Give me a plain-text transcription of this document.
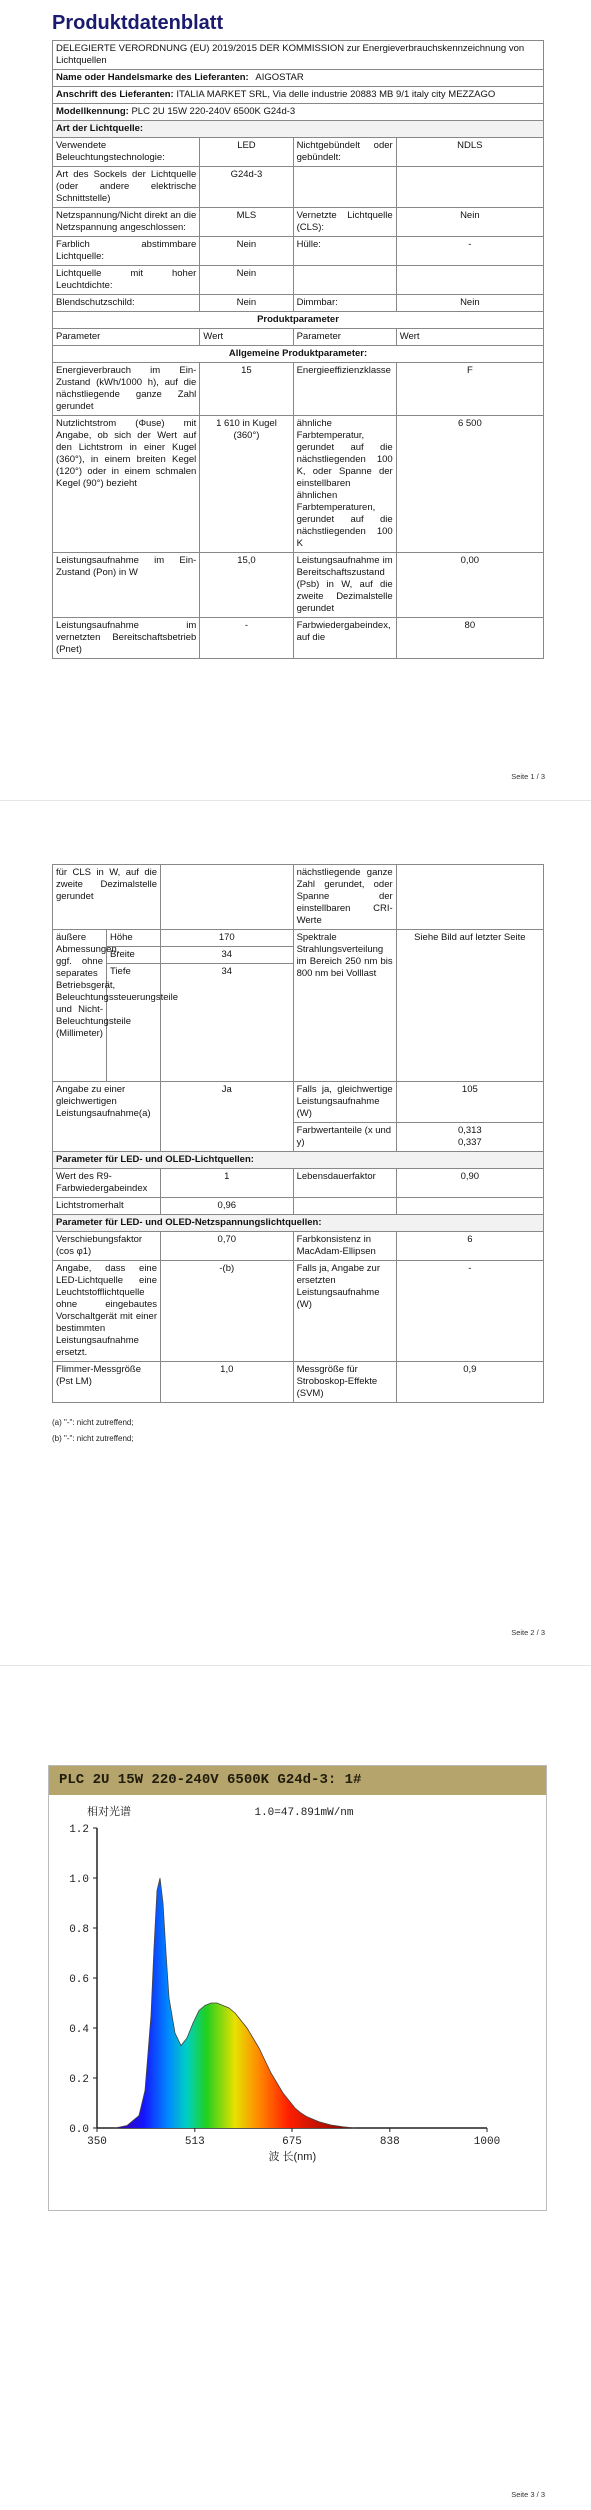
Produktdatenblatt
DELEGIERTE VERORDNUNG (EU) 2019/2015 DER KOMMISSION zur Energieverbrauchskennzeichnung von Lichtquellen			
Name oder Handelsmarke des Lieferanten: AIGOSTAR			
Anschrift des Lieferanten: ITALIA MARKET SRL, Via delle industrie 20883 MB 9/1 italy city MEZZAGO			
Modellkennung: PLC 2U 15W 220-240V 6500K G24d-3			
Art der Lichtquelle:			
Verwendete Beleuchtungstechnologie:	LED	Nichtgebündelt oder gebündelt:	NDLS
Art des Sockels der Lichtquelle (oder andere elektrische Schnittstelle)	G24d-3		
Netzspannung/Nicht direkt an die Netzspannung angeschlossen:	MLS	Vernetzte Lichtquelle (CLS):	Nein
Farblich abstimmbare Lichtquelle:	Nein	Hülle:	-
Lichtquelle mit hoher Leuchtdichte:	Nein		
Blendschutzschild:	Nein	Dimmbar:	Nein
Produktparameter			
Parameter	Wert	Parameter	Wert
Allgemeine Produktparameter:			
Energieverbrauch im Ein-Zustand (kWh/1000 h), auf die nächstliegende ganze Zahl gerundet	15	Energieeffizienzklasse	F
Nutzlichtstrom (Φuse) mit Angabe, ob sich der Wert auf den Lichtstrom in einer Kugel (360°), in einem breiten Kegel (120°) oder in einem schmalen Kegel (90°) bezieht	1 610 in Kugel (360°)	ähnliche Farbtemperatur, gerundet auf die nächstliegenden 100 K, oder Spanne der einstellbaren ähnlichen Farbtemperaturen, gerundet auf die nächstliegenden 100 K	6 500
Leistungsaufnahme im Ein-Zustand (Pon) in W	15,0	Leistungsaufnahme im Bereitschaftszustand (Psb) in W, auf die zweite Dezimalstelle gerundet	0,00
Leistungsaufnahme im vernetzten Bereitschaftsbetrieb (Pnet)	-	Farbwiedergabeindex, auf die	80
Seite 1 / 3
für CLS in W, auf die zweite Dezimalstelle gerundet			nächstliegende ganze Zahl gerundet, oder Spanne der einstellbaren CRI-Werte	
äußere Abmessungen, ggf. ohne separates Betriebsgerät, Beleuchtungssteuerungsteile und Nicht-Beleuchtungsteile (Millimeter)	Höhe	170	Spektrale Strahlungsverteilung im Bereich 250 nm bis 800 nm bei Volllast	Siehe Bild auf letzter Seite
	Breite	34		
	Tiefe	34		
Angabe zu einer gleichwertigen Leistungsaufnahme(a)		Ja	Falls ja, gleichwertige Leistungsaufnahme (W)	105
			Farbwertanteile (x und y)	0,313
0,337

Parameter für LED- und OLED-Lichtquellen:				
Wert des R9-Farbwiedergabeindex		1	Lebensdauerfaktor	0,90
Lichtstromerhalt		0,96		
Parameter für LED- und OLED-Netzspannungslichtquellen:				
Verschiebungsfaktor (cos φ1)		0,70	Farbkonsistenz in MacAdam-Ellipsen	6
Angabe, dass eine LED-Lichtquelle eine Leuchtstofflichtquelle ohne eingebautes Vorschaltgerät mit einer bestimmten Leistungsaufnahme ersetzt.		-(b)	Falls ja, Angabe zur ersetzten Leistungsaufnahme (W)	-
Flimmer-Messgröße (Pst LM)		1,0	Messgröße für Stroboskop-Effekte (SVM)	0,9
(a) "-": nicht zutreffend;
(b) "-": nicht zutreffend;
Seite 2 / 3
PLC 2U 15W 220-240V 6500K G24d-3: 1#
0.0
0.2
0.4
0.6
0.8
1.0
1.2
350	513	675	838	1000
相对光谱	1.0=47.891mW/nm
波 长(nm)
Seite 3 / 3
